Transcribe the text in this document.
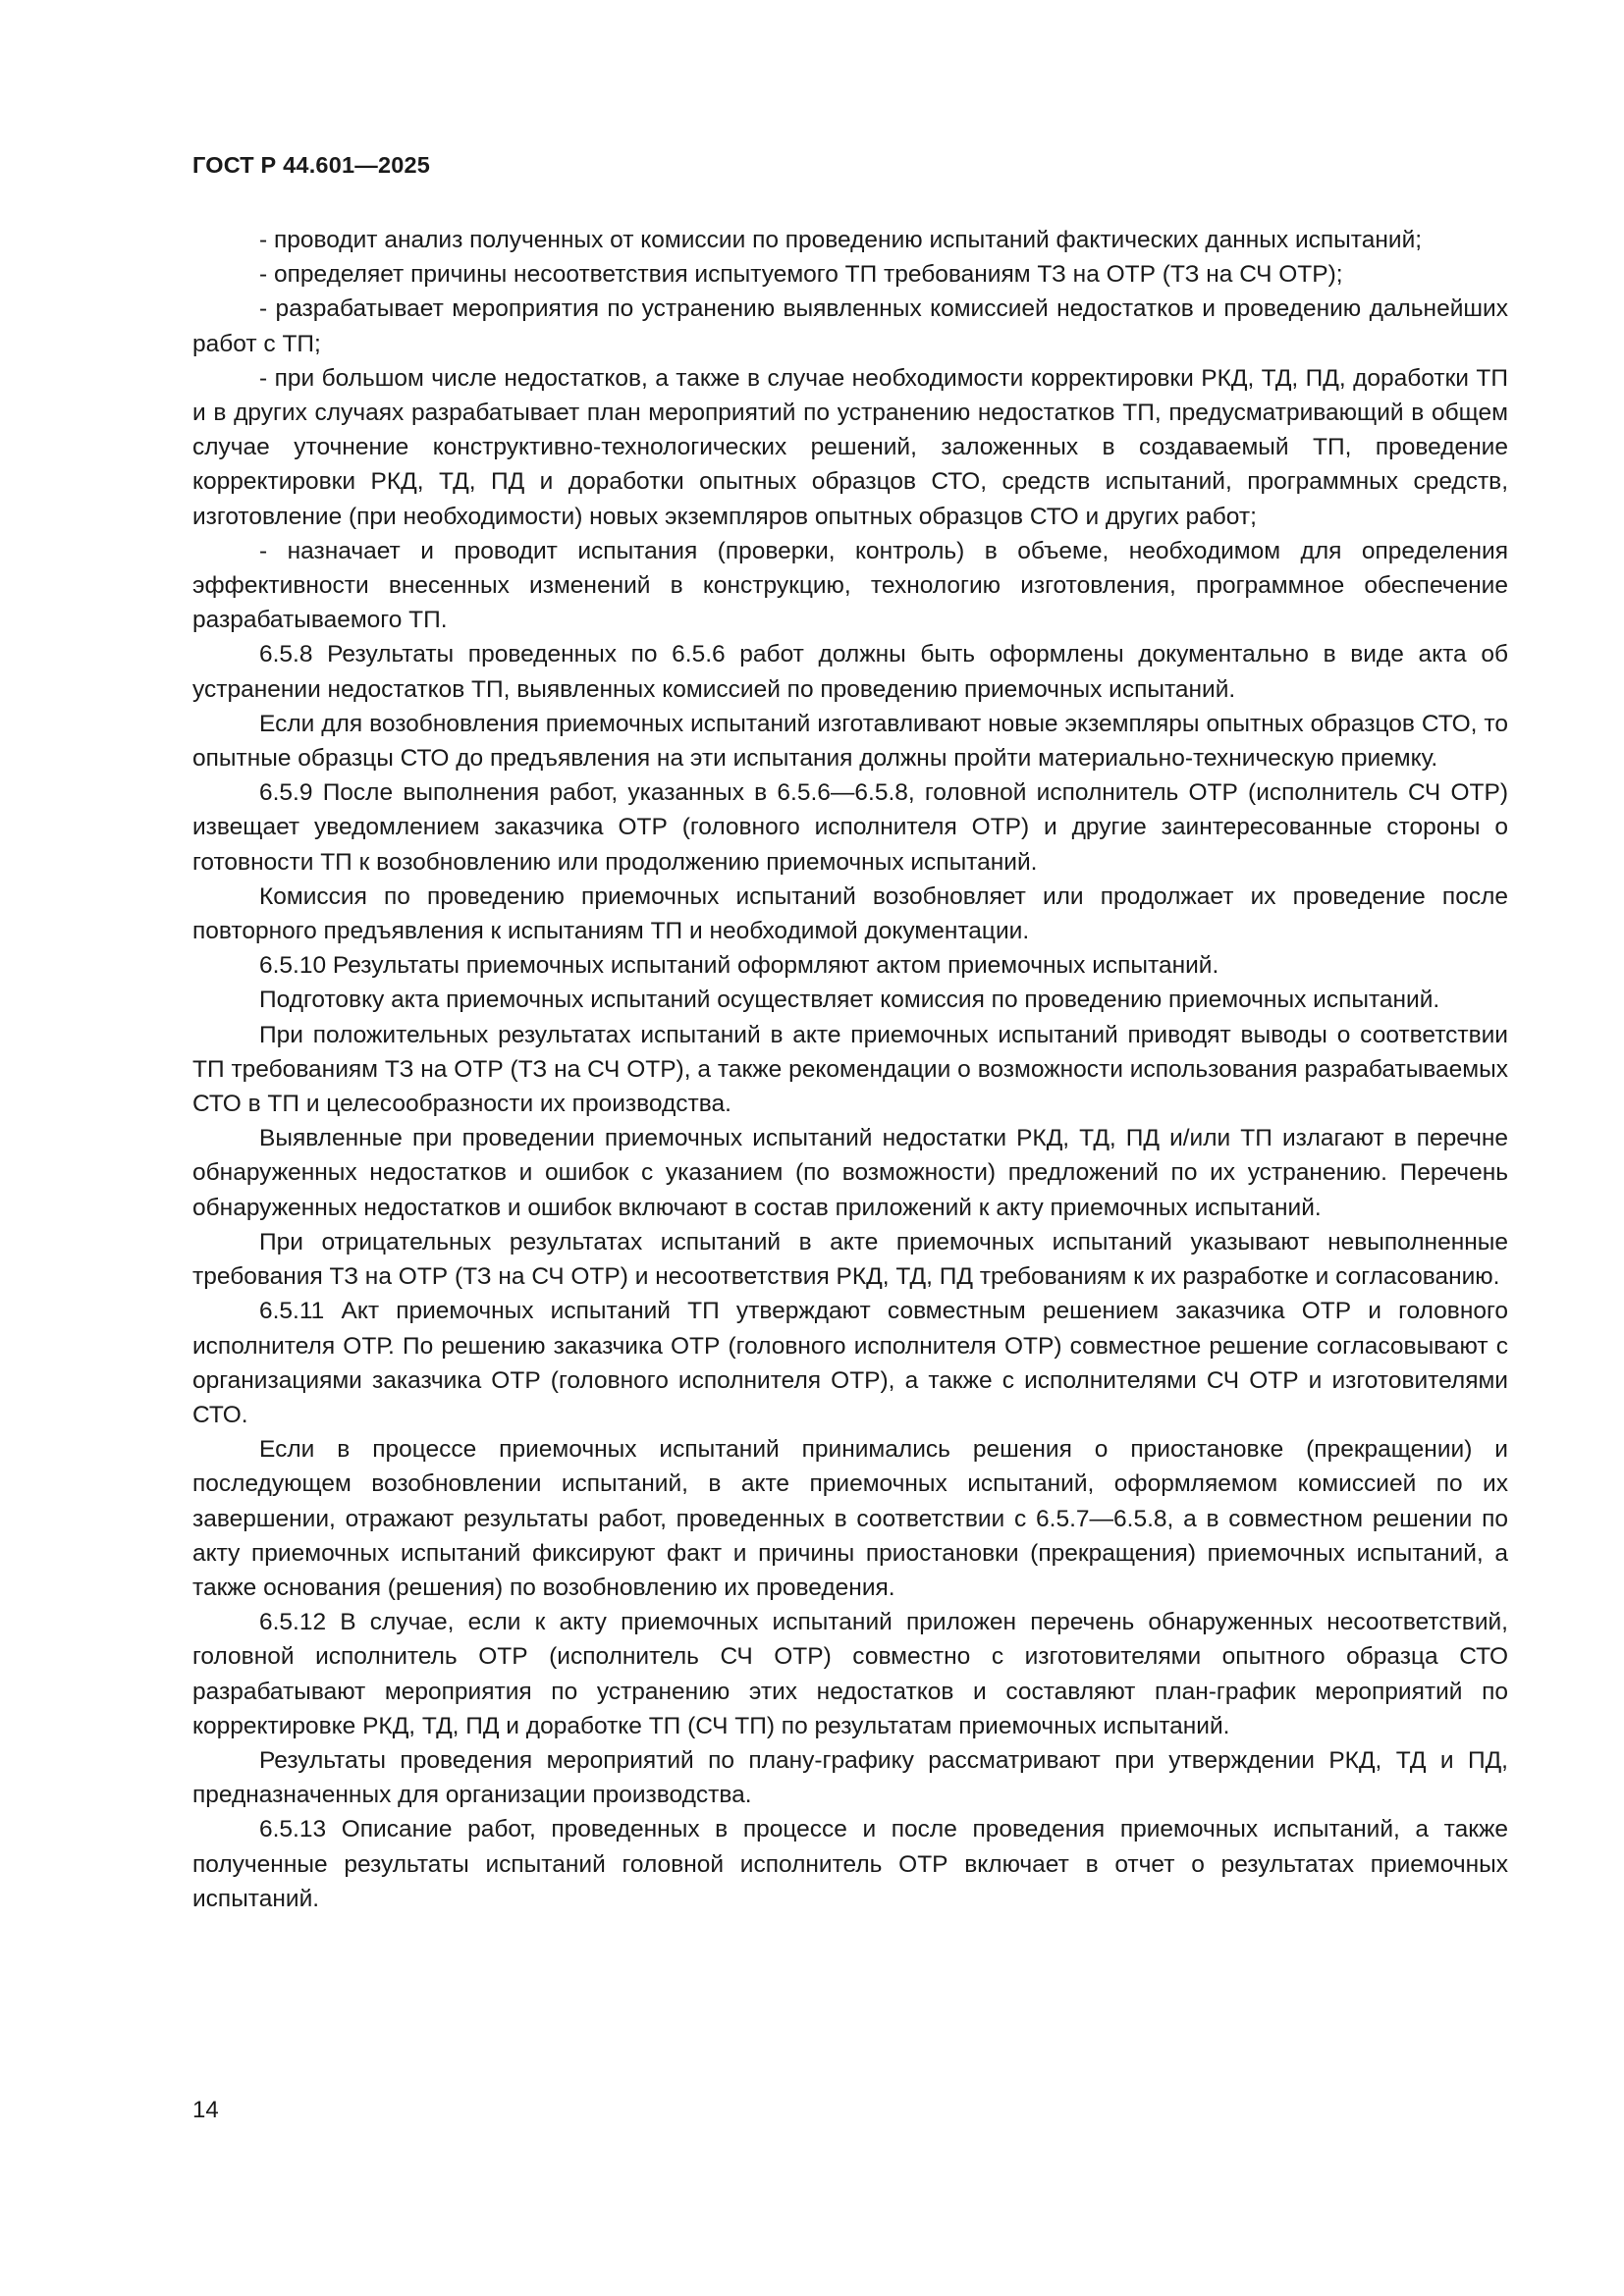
ГОСТ Р 44.601—2025

- проводит анализ полученных от комиссии по проведению испытаний фактических данных испытаний;

- определяет причины несоответствия испытуемого ТП требованиям ТЗ на ОТР (ТЗ на СЧ ОТР);

- разрабатывает мероприятия по устранению выявленных комиссией недостатков и проведению дальнейших работ с ТП;

- при большом числе недостатков, а также в случае необходимости корректировки РКД, ТД, ПД, доработки ТП и в других случаях разрабатывает план мероприятий по устранению недостатков ТП, предусматривающий в общем случае уточнение конструктивно-технологических решений, заложенных в создаваемый ТП, проведение корректировки РКД, ТД, ПД и доработки опытных образцов СТО, средств испытаний, программных средств, изготовление (при необходимости) новых экземпляров опытных образцов СТО и других работ;

- назначает и проводит испытания (проверки, контроль) в объеме, необходимом для определения эффективности внесенных изменений в конструкцию, технологию изготовления, программное обеспечение разрабатываемого ТП.

6.5.8 Результаты проведенных по 6.5.6 работ должны быть оформлены документально в виде акта об устранении недостатков ТП, выявленных комиссией по проведению приемочных испытаний.

Если для возобновления приемочных испытаний изготавливают новые экземпляры опытных образцов СТО, то опытные образцы СТО до предъявления на эти испытания должны пройти материально-техническую приемку.

6.5.9 После выполнения работ, указанных в 6.5.6—6.5.8, головной исполнитель ОТР (исполнитель СЧ ОТР) извещает уведомлением заказчика ОТР (головного исполнителя ОТР) и другие заинтересованные стороны о готовности ТП к возобновлению или продолжению приемочных испытаний.

Комиссия по проведению приемочных испытаний возобновляет или продолжает их проведение после повторного предъявления к испытаниям ТП и необходимой документации.

6.5.10 Результаты приемочных испытаний оформляют актом приемочных испытаний.

Подготовку акта приемочных испытаний осуществляет комиссия по проведению приемочных испытаний.

При положительных результатах испытаний в акте приемочных испытаний приводят выводы о соответствии ТП требованиям ТЗ на ОТР (ТЗ на СЧ ОТР), а также рекомендации о возможности использования разрабатываемых СТО в ТП и целесообразности их производства.

Выявленные при проведении приемочных испытаний недостатки РКД, ТД, ПД и/или ТП излагают в перечне обнаруженных недостатков и ошибок с указанием (по возможности) предложений по их устранению. Перечень обнаруженных недостатков и ошибок включают в состав приложений к акту приемочных испытаний.

При отрицательных результатах испытаний в акте приемочных испытаний указывают невыполненные требования ТЗ на ОТР (ТЗ на СЧ ОТР) и несоответствия РКД, ТД, ПД требованиям к их разработке и согласованию.

6.5.11 Акт приемочных испытаний ТП утверждают совместным решением заказчика ОТР и головного исполнителя ОТР. По решению заказчика ОТР (головного исполнителя ОТР) совместное решение согласовывают с организациями заказчика ОТР (головного исполнителя ОТР), а также с исполнителями СЧ ОТР и изготовителями СТО.

Если в процессе приемочных испытаний принимались решения о приостановке (прекращении) и последующем возобновлении испытаний, в акте приемочных испытаний, оформляемом комиссией по их завершении, отражают результаты работ, проведенных в соответствии с 6.5.7—6.5.8, а в совместном решении по акту приемочных испытаний фиксируют факт и причины приостановки (прекращения) приемочных испытаний, а также основания (решения) по возобновлению их проведения.

6.5.12 В случае, если к акту приемочных испытаний приложен перечень обнаруженных несоответствий, головной исполнитель ОТР (исполнитель СЧ ОТР) совместно с изготовителями опытного образца СТО разрабатывают мероприятия по устранению этих недостатков и составляют план-график мероприятий по корректировке РКД, ТД, ПД и доработке ТП (СЧ ТП) по результатам приемочных испытаний.

Результаты проведения мероприятий по плану-графику рассматривают при утверждении РКД, ТД и ПД, предназначенных для организации производства.

6.5.13 Описание работ, проведенных в процессе и после проведения приемочных испытаний, а также полученные результаты испытаний головной исполнитель ОТР включает в отчет о результатах приемочных испытаний.

14
